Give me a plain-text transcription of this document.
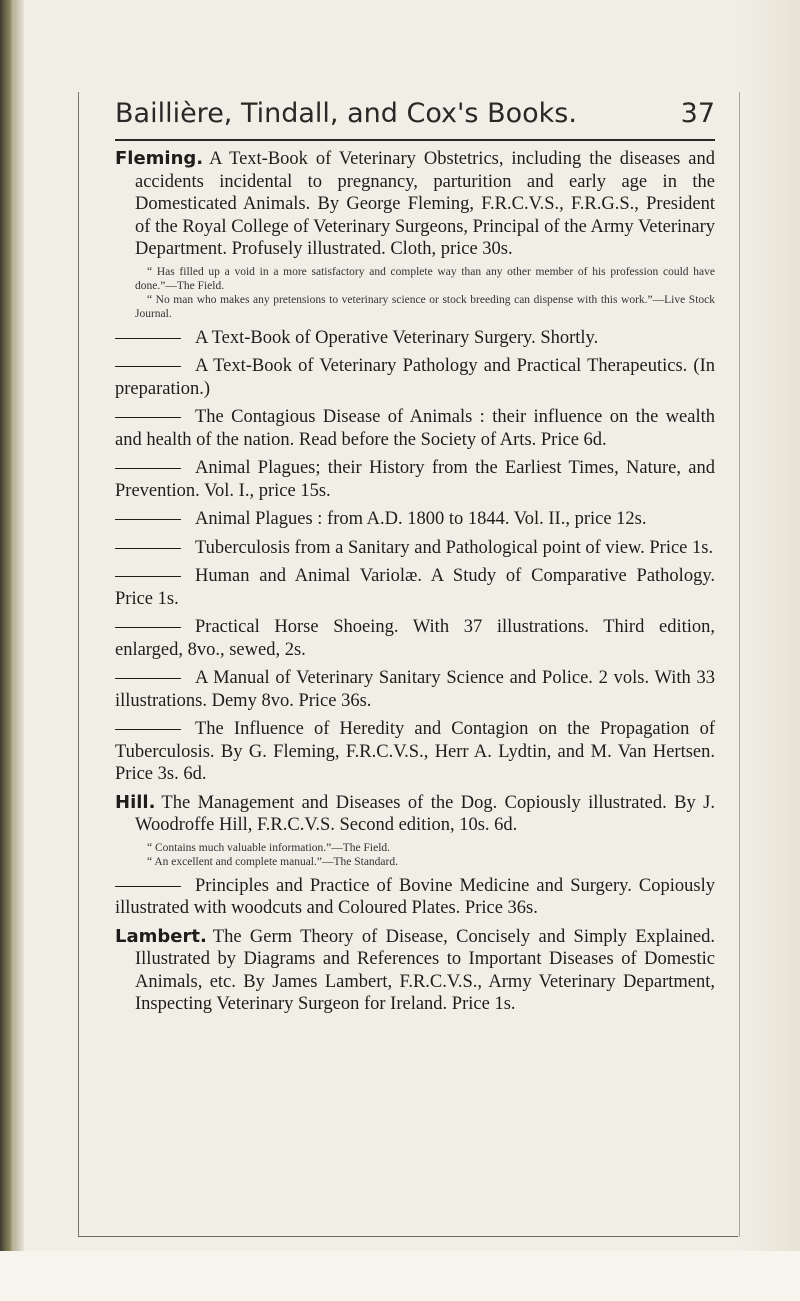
Baillière, Tindall, and Cox's Books.	37

Fleming. A Text-Book of Veterinary Obstetrics, including the diseases and accidents incidental to pregnancy, parturition and early age in the Domesticated Animals. By George Fleming, F.R.C.V.S., F.R.G.S., President of the Royal College of Veterinary Surgeons, Principal of the Army Veterinary Department. Profusely illustrated. Cloth, price 30s.

“ Has filled up a void in a more satisfactory and complete way than any other member of his profession could have done.”—The Field.

“ No man who makes any pretensions to veterinary science or stock breeding can dispense with this work.”—Live Stock Journal.

A Text-Book of Operative Veterinary Surgery. Shortly.

A Text-Book of Veterinary Pathology and Practical Therapeutics. (In preparation.)

The Contagious Disease of Animals : their influence on the wealth and health of the nation. Read before the Society of Arts. Price 6d.

Animal Plagues; their History from the Earliest Times, Nature, and Prevention. Vol. I., price 15s.

Animal Plagues : from A.D. 1800 to 1844. Vol. II., price 12s.

Tuberculosis from a Sanitary and Pathological point of view. Price 1s.

Human and Animal Variolæ. A Study of Comparative Pathology. Price 1s.

Practical Horse Shoeing. With 37 illustrations. Third edition, enlarged, 8vo., sewed, 2s.

A Manual of Veterinary Sanitary Science and Police. 2 vols. With 33 illustrations. Demy 8vo. Price 36s.

The Influence of Heredity and Contagion on the Propagation of Tuberculosis. By G. Fleming, F.R.C.V.S., Herr A. Lydtin, and M. Van Hertsen. Price 3s. 6d.

Hill. The Management and Diseases of the Dog. Copiously illustrated. By J. Woodroffe Hill, F.R.C.V.S. Second edition, 10s. 6d.

“ Contains much valuable information.”—The Field.

“ An excellent and complete manual.”—The Standard.

Principles and Practice of Bovine Medicine and Surgery. Copiously illustrated with woodcuts and Coloured Plates. Price 36s.

Lambert. The Germ Theory of Disease, Concisely and Simply Explained. Illustrated by Diagrams and References to Important Diseases of Domestic Animals, etc. By James Lambert, F.R.C.V.S., Army Veterinary Department, Inspecting Veterinary Surgeon for Ireland. Price 1s.
